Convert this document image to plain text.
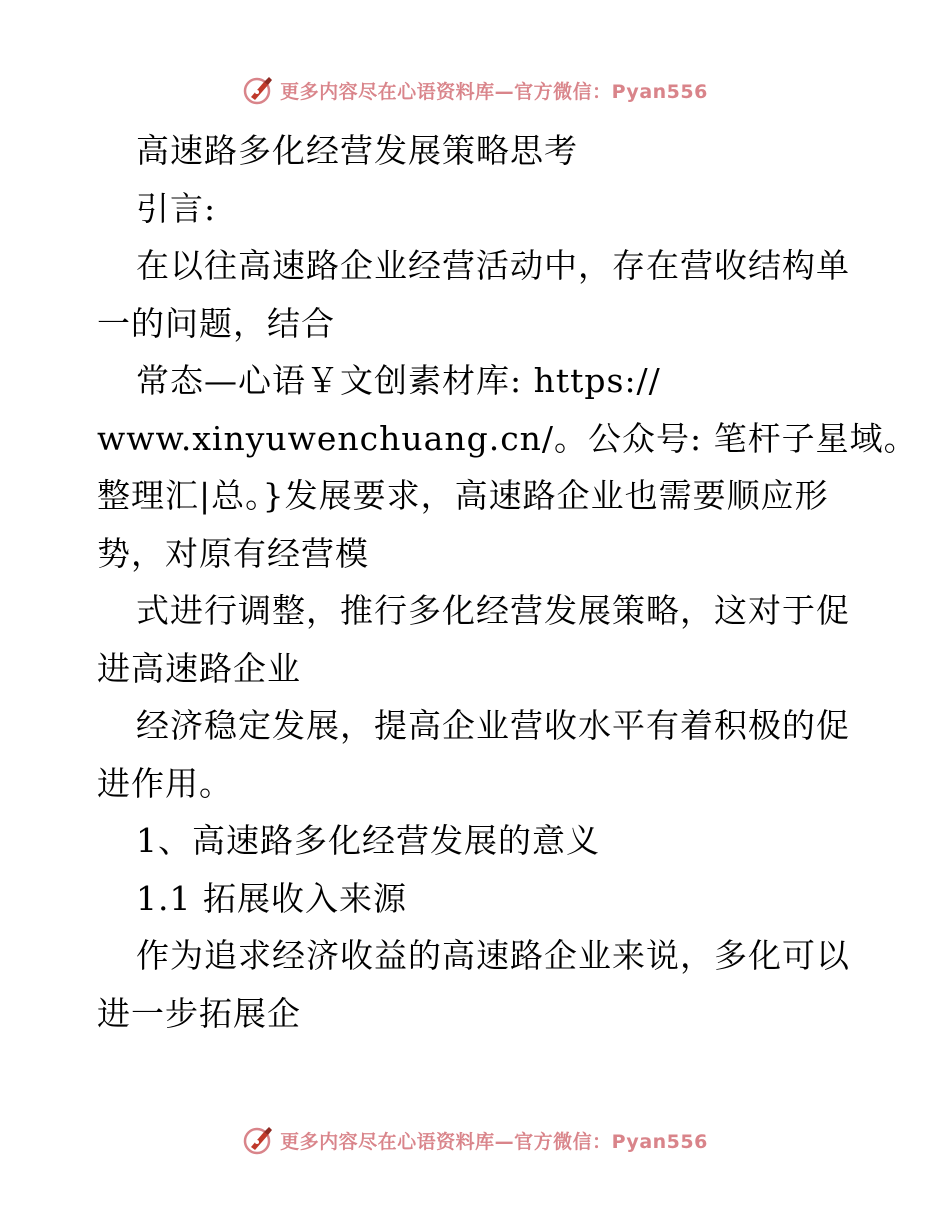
更多内容尽在心语资料库—官方微信：Pyan556
高速路多化经营发展策略思考
引言:
在以往高速路企业经营活动中，存在营收结构单
一的问题，结合
常态—心语￥文创素材库: https://
www.xinyuwenchuang.cn/。公众号: 笔杆子星域。
整理汇|总。}发展要求，高速路企业也需要顺应形
势，对原有经营模
式进行调整，推行多化经营发展策略，这对于促
进高速路企业
经济稳定发展，提高企业营收水平有着积极的促
进作用。
1、高速路多化经营发展的意义
1.1 拓展收入来源
作为追求经济收益的高速路企业来说，多化可以
进一步拓展企
更多内容尽在心语资料库—官方微信：Pyan556
